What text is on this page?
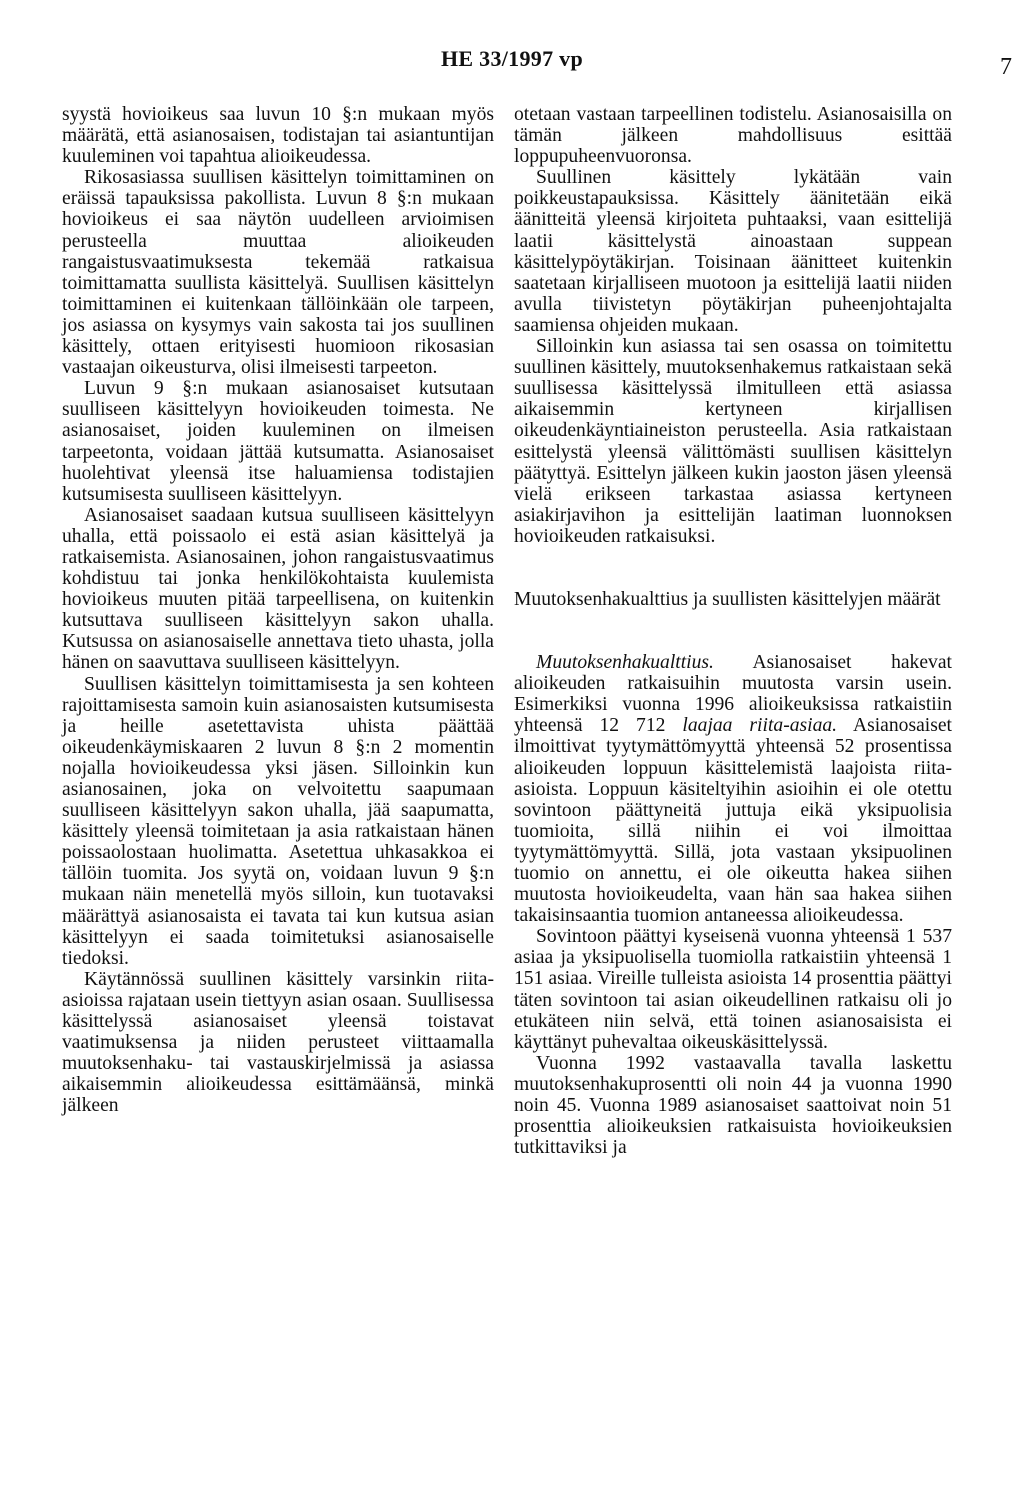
HE 33/1997 vp	7

syystä hovioikeus saa luvun 10 §:n mukaan myös määrätä, että asianosaisen, todistajan tai asiantuntijan kuuleminen voi tapahtua alioikeudessa.

Rikosasiassa suullisen käsittelyn toimittaminen on eräissä tapauksissa pakollista. Luvun 8 §:n mukaan hovioikeus ei saa näytön uudelleen arvioimisen perusteella muuttaa alioikeuden rangaistusvaatimuksesta tekemää ratkaisua toimittamatta suullista käsittelyä. Suullisen käsittelyn toimittaminen ei kuitenkaan tällöinkään ole tarpeen, jos asiassa on kysymys vain sakosta tai jos suullinen käsittely, ottaen erityisesti huomioon rikosasian vastaajan oikeusturva, olisi ilmeisesti tarpeeton.

Luvun 9 §:n mukaan asianosaiset kutsutaan suulliseen käsittelyyn hovioikeuden toimesta. Ne asianosaiset, joiden kuuleminen on ilmeisen tarpeetonta, voidaan jättää kutsumatta. Asianosaiset huolehtivat yleensä itse haluamiensa todistajien kutsumisesta suulliseen käsittelyyn.

Asianosaiset saadaan kutsua suulliseen käsittelyyn uhalla, että poissaolo ei estä asian käsittelyä ja ratkaisemista. Asianosainen, johon rangaistusvaatimus kohdistuu tai jonka henkilökohtaista kuulemista hovioikeus muuten pitää tarpeellisena, on kuitenkin kutsuttava suulliseen käsittelyyn sakon uhalla. Kutsussa on asianosaiselle annettava tieto uhasta, jolla hänen on saavuttava suulliseen käsittelyyn.

Suullisen käsittelyn toimittamisesta ja sen kohteen rajoittamisesta samoin kuin asianosaisten kutsumisesta ja heille asetettavista uhista päättää oikeudenkäymiskaaren 2 luvun 8 §:n 2 momentin nojalla hovioikeudessa yksi jäsen. Silloinkin kun asianosainen, joka on velvoitettu saapumaan suulliseen käsittelyyn sakon uhalla, jää saapumatta, käsittely yleensä toimitetaan ja asia ratkaistaan hänen poissaolostaan huolimatta. Asetettua uhkasakkoa ei tällöin tuomita. Jos syytä on, voidaan luvun 9 §:n mukaan näin menetellä myös silloin, kun tuotavaksi määrättyä asianosaista ei tavata tai kun kutsua asian käsittelyyn ei saada toimitetuksi asianosaiselle tiedoksi.

Käytännössä suullinen käsittely varsinkin riita-asioissa rajataan usein tiettyyn asian osaan. Suullisessa käsittelyssä asianosaiset yleensä toistavat vaatimuksensa ja niiden perusteet viittaamalla muutoksenhaku- tai vastauskirjelmissä ja asiassa aikaisemmin alioikeudessa esittämäänsä, minkä jälkeen

otetaan vastaan tarpeellinen todistelu. Asianosaisilla on tämän jälkeen mahdollisuus esittää loppupuheenvuoronsa.

Suullinen käsittely lykätään vain poikkeustapauksissa. Käsittely äänitetään eikä äänitteitä yleensä kirjoiteta puhtaaksi, vaan esittelijä laatii käsittelystä ainoastaan suppean käsittelypöytäkirjan. Toisinaan äänitteet kuitenkin saatetaan kirjalliseen muotoon ja esittelijä laatii niiden avulla tiivistetyn pöytäkirjan puheenjohtajalta saamiensa ohjeiden mukaan.

Silloinkin kun asiassa tai sen osassa on toimitettu suullinen käsittely, muutoksenhakemus ratkaistaan sekä suullisessa käsittelyssä ilmitulleen että asiassa aikaisemmin kertyneen kirjallisen oikeudenkäyntiaineiston perusteella. Asia ratkaistaan esittelystä yleensä välittömästi suullisen käsittelyn päätyttyä. Esittelyn jälkeen kukin jaoston jäsen yleensä vielä erikseen tarkastaa asiassa kertyneen asiakirjavihon ja esittelijän laatiman luonnoksen hovioikeuden ratkaisuksi.

Muutoksenhakualttius ja suullisten käsittelyjen määrät

Muutoksenhakualttius. Asianosaiset hakevat alioikeuden ratkaisuihin muutosta varsin usein. Esimerkiksi vuonna 1996 alioikeuksissa ratkaistiin yhteensä 12 712 laajaa riita-asiaa. Asianosaiset ilmoittivat tyytymättömyyttä yhteensä 52 prosentissa alioikeuden loppuun käsittelemistä laajoista riita-asioista. Loppuun käsiteltyihin asioihin ei ole otettu sovintoon päättyneitä juttuja eikä yksipuolisia tuomioita, sillä niihin ei voi ilmoittaa tyytymättömyyttä. Sillä, jota vastaan yksipuolinen tuomio on annettu, ei ole oikeutta hakea siihen muutosta hovioikeudelta, vaan hän saa hakea siihen takaisinsaantia tuomion antaneessa alioikeudessa.

Sovintoon päättyi kyseisenä vuonna yhteensä 1 537 asiaa ja yksipuolisella tuomiolla ratkaistiin yhteensä 1 151 asiaa. Vireille tulleista asioista 14 prosenttia päättyi täten sovintoon tai asian oikeudellinen ratkaisu oli jo etukäteen niin selvä, että toinen asianosaisista ei käyttänyt puhevaltaa oikeuskäsittelyssä.

Vuonna 1992 vastaavalla tavalla laskettu muutoksenhakuprosentti oli noin 44 ja vuonna 1990 noin 45. Vuonna 1989 asianosaiset saattoivat noin 51 prosenttia alioikeuksien ratkaisuista hovioikeuksien tutkittaviksi ja
